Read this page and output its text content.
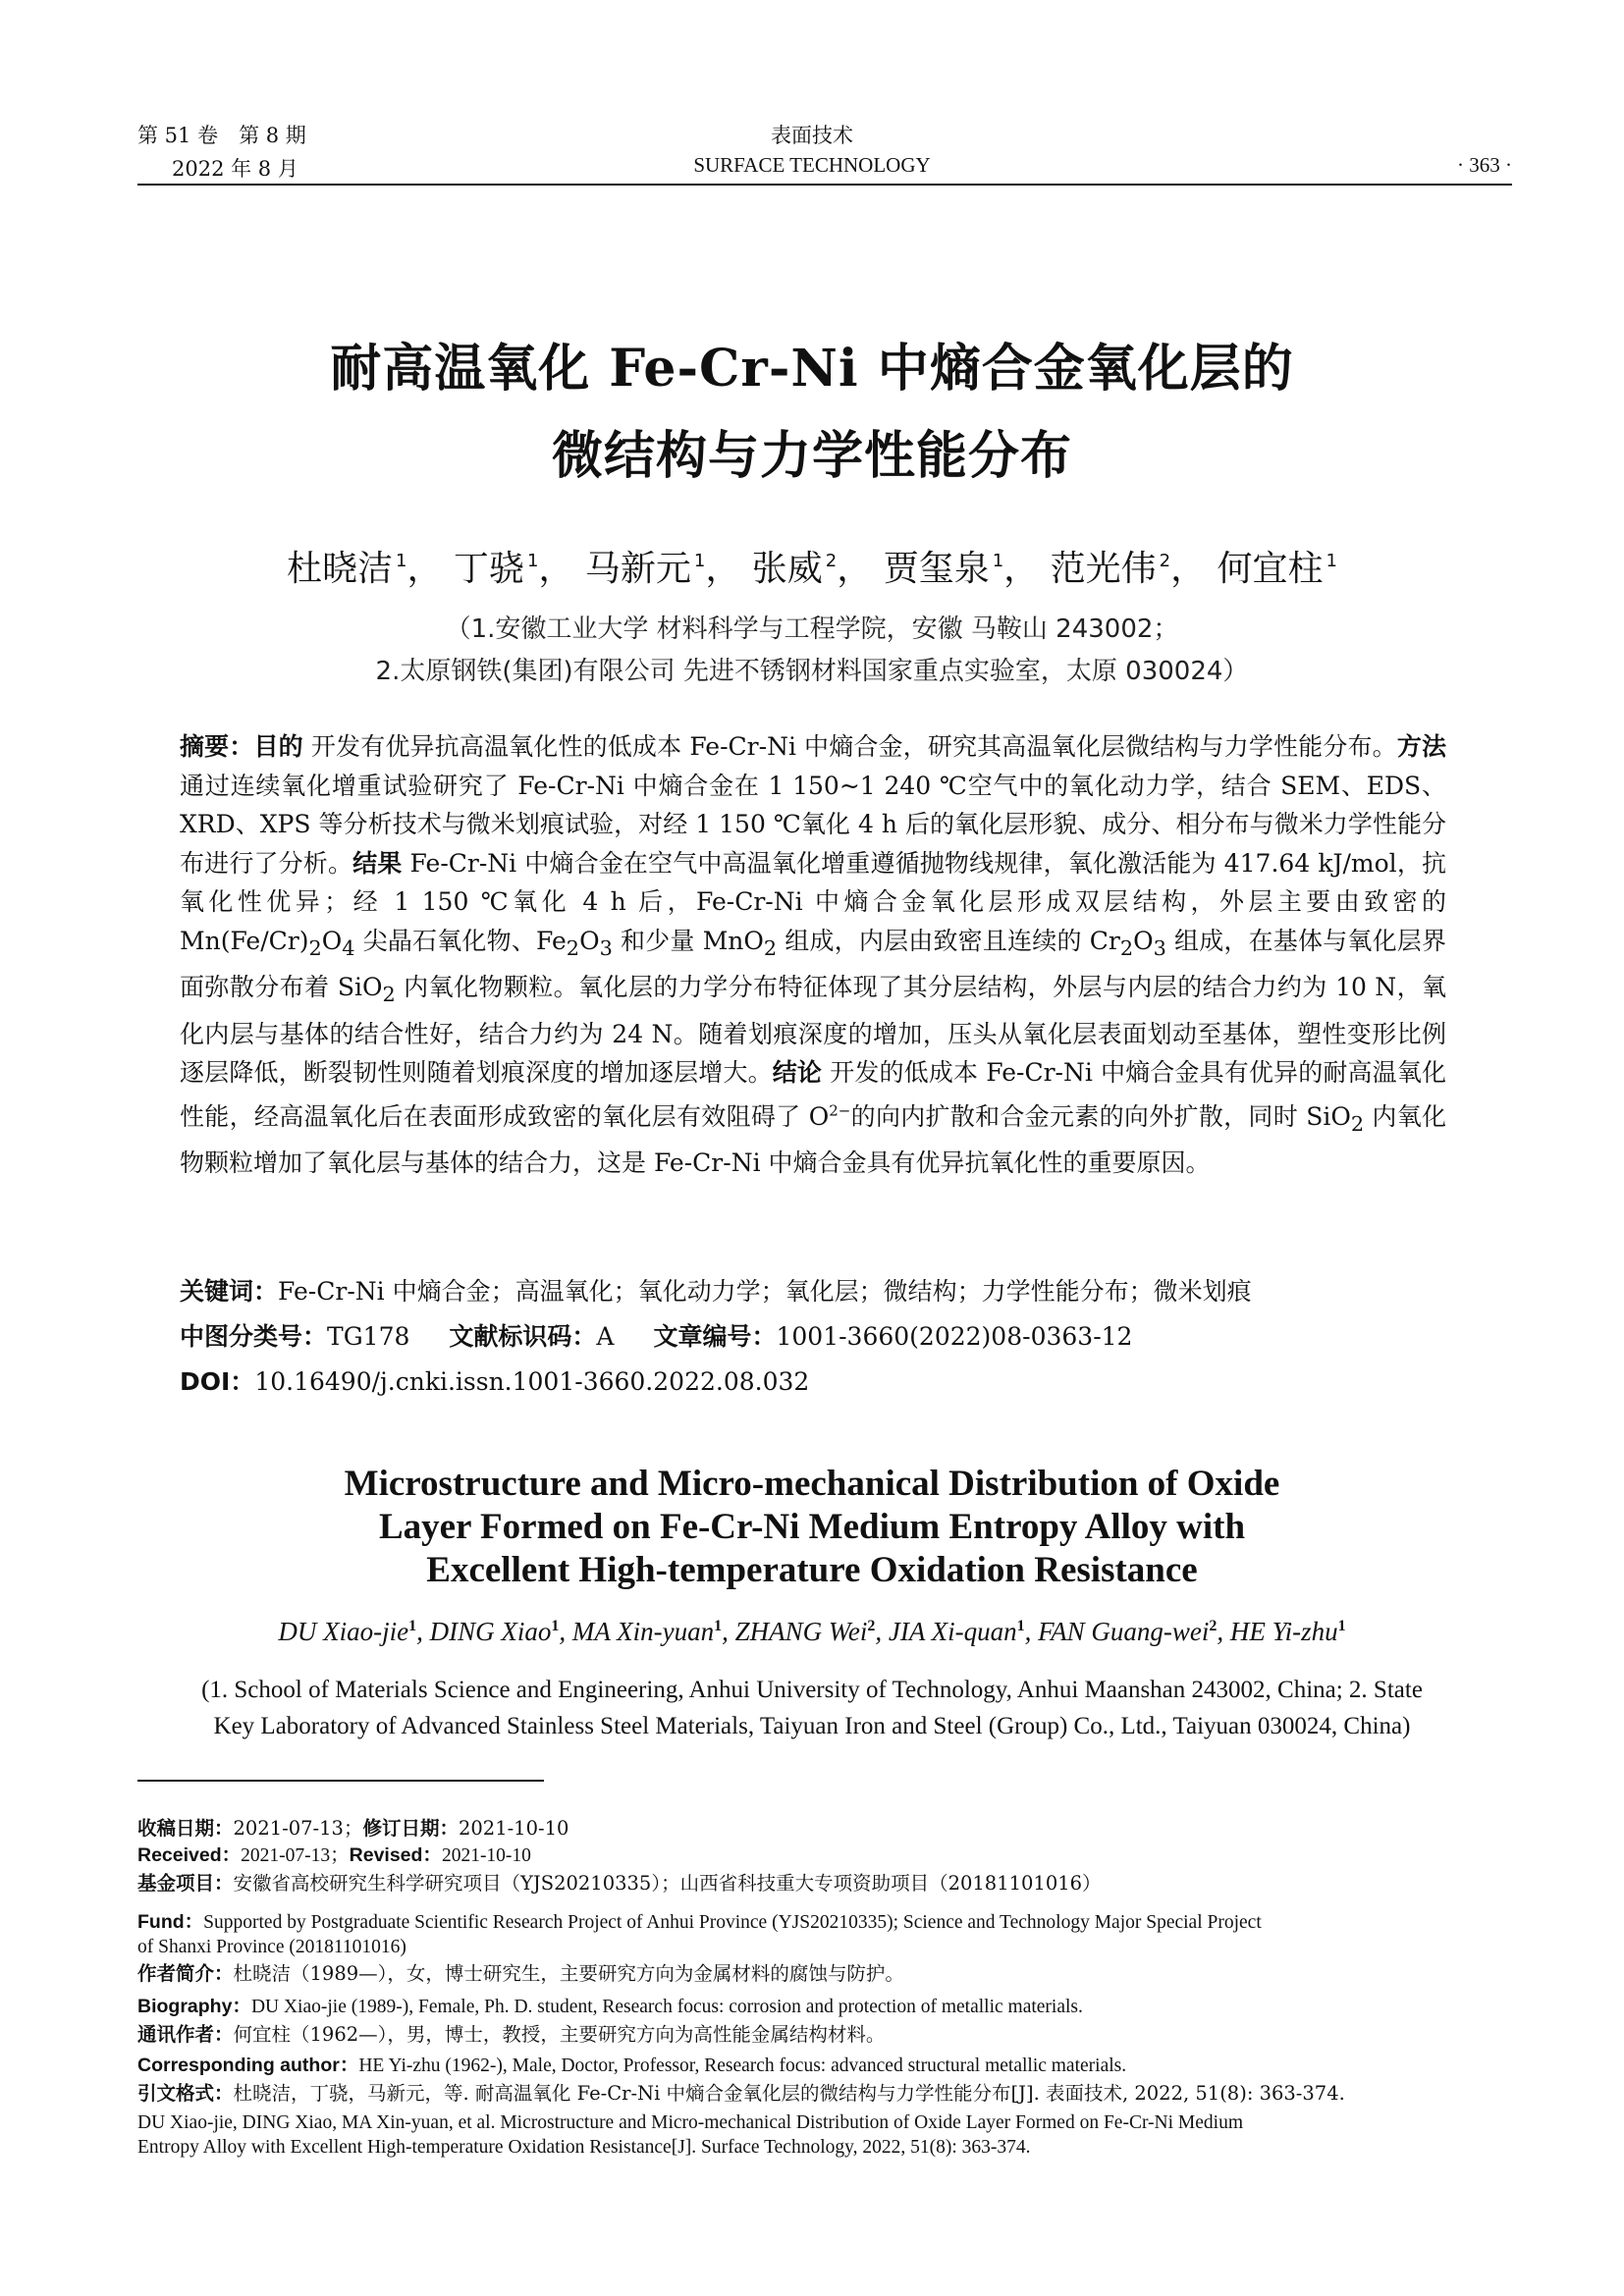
第 51 卷　第 8 期
2022 年 8 月
表面技术
SURFACE TECHNOLOGY	· 363 ·
耐高温氧化 Fe-Cr-Ni 中熵合金氧化层的
微结构与力学性能分布
杜晓洁 $^1$， 丁骁 $^1$， 马新元 $^1$， 张威 $^2$， 贾玺泉 $^1$， 范光伟 $^2$， 何宜柱 $^1$
（1.安徽工业大学 材料科学与工程学院，安徽 马鞍山 243002；
2.太原钢铁(集团)有限公司 先进不锈钢材料国家重点实验室，太原 030024）
摘要：目的 开发有优异抗高温氧化性的低成本 Fe-Cr-Ni 中熵合金，研究其高温氧化层微结构与力学性能分布。方法 通过连续氧化增重试验研究了 Fe-Cr-Ni 中熵合金在 1 150~1 240 ℃空气中的氧化动力学，结合 SEM、EDS、XRD、XPS 等分析技术与微米划痕试验，对经 1 150 ℃氧化 4 h 后的氧化层形貌、成分、相分布与微米力学性能分布进行了分析。结果 Fe-Cr-Ni 中熵合金在空气中高温氧化增重遵循抛物线规律，氧化激活能为 417.64 kJ/mol，抗氧化性优异；经 1 150 ℃氧化 4 h 后，Fe-Cr-Ni 中熵合金氧化层形成双层结构，外层主要由致密的 $Mn(Fe/Cr)_2O_4$ 尖晶石氧化物、$Fe_2O_3$ 和少量 MnO$_2$ 组成，内层由致密且连续的 $Cr_2O_3$ 组成，在基体与氧化层界面弥散分布着 SiO$_2$ 内氧化物颗粒。氧化层的力学分布特征体现了其分层结构，外层与内层的结合力约为 10 N，氧化内层与基体的结合性好，结合力约为 24 N。随着划痕深度的增加，压头从氧化层表面划动至基体，塑性变形比例逐层降低，断裂韧性则随着划痕深度的增加逐层增大。结论 开发的低成本 Fe-Cr-Ni 中熵合金具有优异的耐高温氧化性能，经高温氧化后在表面形成致密的氧化层有效阻碍了 $O^{2-}$的向内扩散和合金元素的向外扩散，同时 SiO$_2$ 内氧化物颗粒增加了氧化层与基体的结合力，这是 Fe-Cr-Ni 中熵合金具有优异抗氧化性的重要原因。
关键词：Fe-Cr-Ni 中熵合金；高温氧化；氧化动力学；氧化层；微结构；力学性能分布；微米划痕
中图分类号：TG178 文献标识码：A 文章编号：1001-3660(2022)08-0363-12
DOI：10.16490/j.cnki.issn.1001-3660.2022.08.032
Microstructure and Micro-mechanical Distribution of Oxide
Layer Formed on Fe-Cr-Ni Medium Entropy Alloy with
Excellent High-temperature Oxidation Resistance
DU Xiao-jie$^1$, DING Xiao$^1$, MA Xin-yuan$^1$, ZHANG Wei$^2$, JIA Xi-quan$^1$, FAN Guang-wei$^2$, HE Yi-zhu$^1$
(1. School of Materials Science and Engineering, Anhui University of Technology, Anhui Maanshan 243002, China; 2. State
Key Laboratory of Advanced Stainless Steel Materials, Taiyuan Iron and Steel (Group) Co., Ltd., Taiyuan 030024, China)
收稿日期：2021-07-13；修订日期：2021-10-10
Received：2021-07-13；Revised：2021-10-10
基金项目：安徽省高校研究生科学研究项目（YJS20210335）；山西省科技重大专项资助项目（20181101016）
Fund：Supported by Postgraduate Scientific Research Project of Anhui Province (YJS20210335); Science and Technology Major Special Project
of Shanxi Province (20181101016)
作者简介：杜晓洁（1989—），女，博士研究生，主要研究方向为金属材料的腐蚀与防护。
Biography：DU Xiao-jie (1989-), Female, Ph. D. student, Research focus: corrosion and protection of metallic materials.
通讯作者：何宜柱（1962—），男，博士，教授，主要研究方向为高性能金属结构材料。
Corresponding author：HE Yi-zhu (1962-), Male, Doctor, Professor, Research focus: advanced structural metallic materials.
引文格式：杜晓洁，丁骁，马新元，等. 耐高温氧化 Fe-Cr-Ni 中熵合金氧化层的微结构与力学性能分布[J]. 表面技术, 2022, 51(8): 363-374.
DU Xiao-jie, DING Xiao, MA Xin-yuan, et al. Microstructure and Micro-mechanical Distribution of Oxide Layer Formed on Fe-Cr-Ni Medium
Entropy Alloy with Excellent High-temperature Oxidation Resistance[J]. Surface Technology, 2022, 51(8): 363-374.
